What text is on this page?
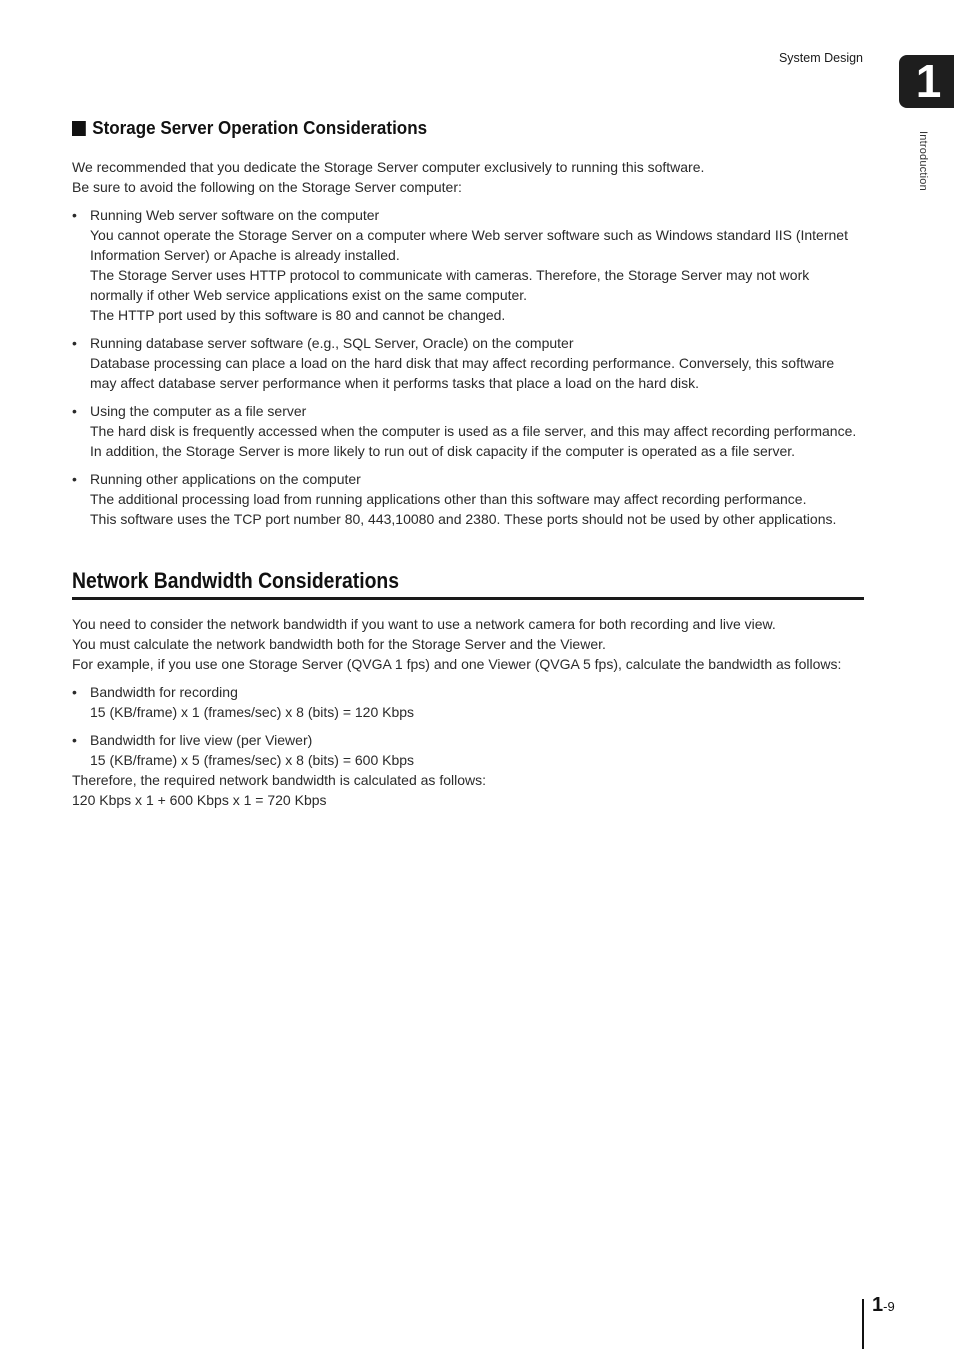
System Design	1
Introduction
Storage Server Operation Considerations

We recommended that you dedicate the Storage Server computer exclusively to running this software.

Be sure to avoid the following on the Storage Server computer:

• Running Web server software on the computer

You cannot operate the Storage Server on a computer where Web server software such as Windows standard IIS (Internet Information Server) or Apache is already installed.

The Storage Server uses HTTP protocol to communicate with cameras. Therefore, the Storage Server may not work normally if other Web service applications exist on the same computer.

The HTTP port used by this software is 80 and cannot be changed.

• Running database server software (e.g., SQL Server, Oracle) on the computer

Database processing can place a load on the hard disk that may affect recording performance. Conversely, this software may affect database server performance when it performs tasks that place a load on the hard disk.

• Using the computer as a file server

The hard disk is frequently accessed when the computer is used as a file server, and this may affect recording performance. In addition, the Storage Server is more likely to run out of disk capacity if the computer is operated as a file server.

• Running other applications on the computer

The additional processing load from running applications other than this software may affect recording performance.

This software uses the TCP port number 80, 443,10080 and 2380. These ports should not be used by other applications.

Network Bandwidth Considerations

You need to consider the network bandwidth if you want to use a network camera for both recording and live view.

You must calculate the network bandwidth both for the Storage Server and the Viewer.

For example, if you use one Storage Server (QVGA 1 fps) and one Viewer (QVGA 5 fps), calculate the bandwidth as follows:

• Bandwidth for recording

15 (KB/frame) x 1 (frames/sec) x 8 (bits) = 120 Kbps

• Bandwidth for live view (per Viewer)

15 (KB/frame) x 5 (frames/sec) x 8 (bits) = 600 Kbps

Therefore, the required network bandwidth is calculated as follows:

120 Kbps x 1 + 600 Kbps x 1 = 720 Kbps

1-9
